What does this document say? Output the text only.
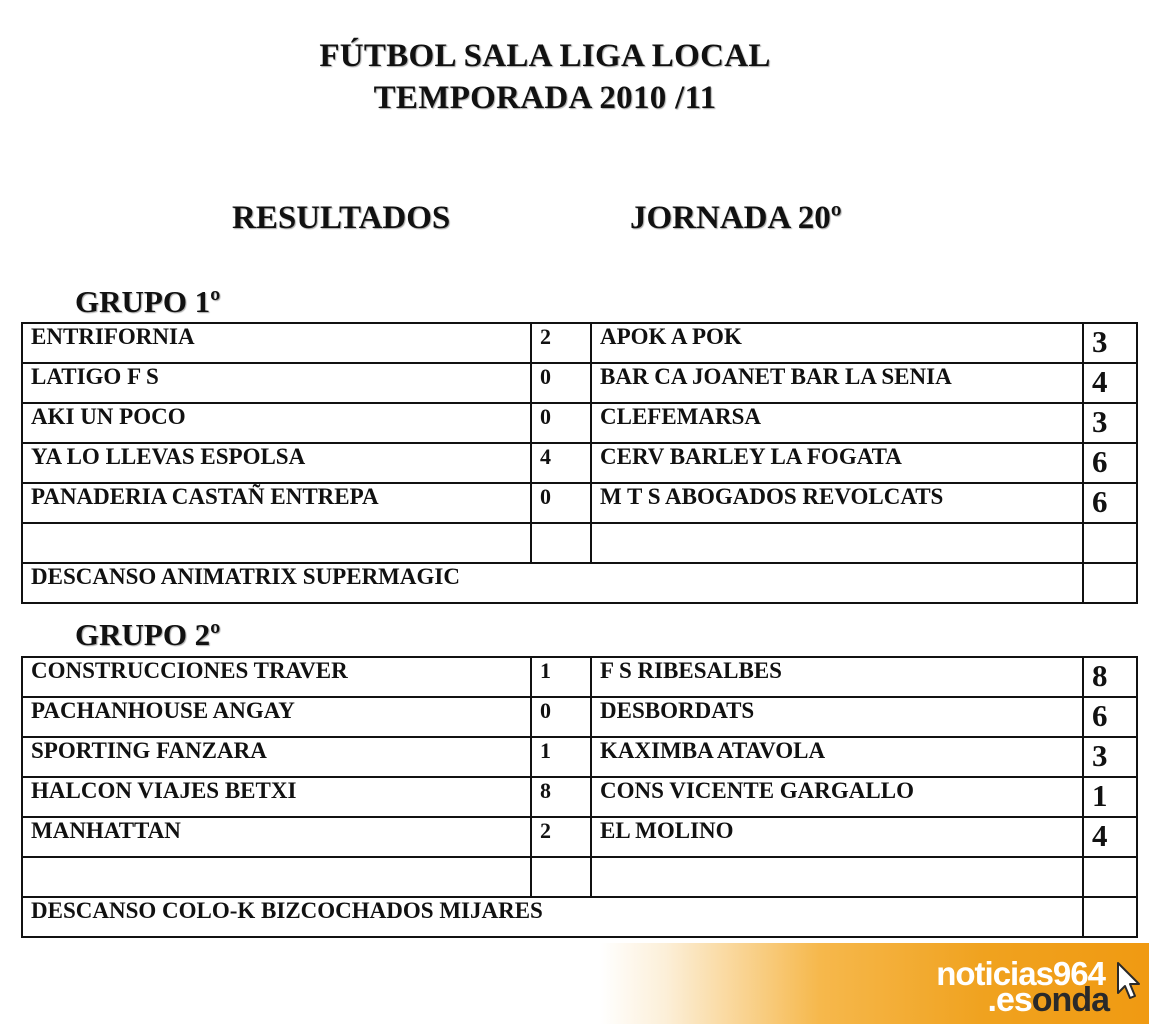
FÚTBOL SALA LIGA LOCAL
TEMPORADA 2010 /11
RESULTADOS	JORNADA 20º
GRUPO 1º
ENTRIFORNIA	2	APOK A POK	3
LATIGO F S	0	BAR CA JOANET BAR LA SENIA	4
AKI UN POCO	0	CLEFEMARSA	3
YA LO LLEVAS ESPOLSA	4	CERV BARLEY LA FOGATA	6
PANADERIA CASTAÑ ENTREPA	0	M T S ABOGADOS REVOLCATS	6

DESCANSO ANIMATRIX SUPERMAGIC			
GRUPO 2º
CONSTRUCCIONES TRAVER	1	F S RIBESALBES	8
PACHANHOUSE ANGAY	0	DESBORDATS	6
SPORTING FANZARA	1	KAXIMBA ATAVOLA	3
HALCON VIAJES BETXI	8	CONS VICENTE GARGALLO	1
MANHATTAN	2	EL MOLINO	4

DESCANSO COLO-K BIZCOCHADOS MIJARES			
noticias964
.esonda
